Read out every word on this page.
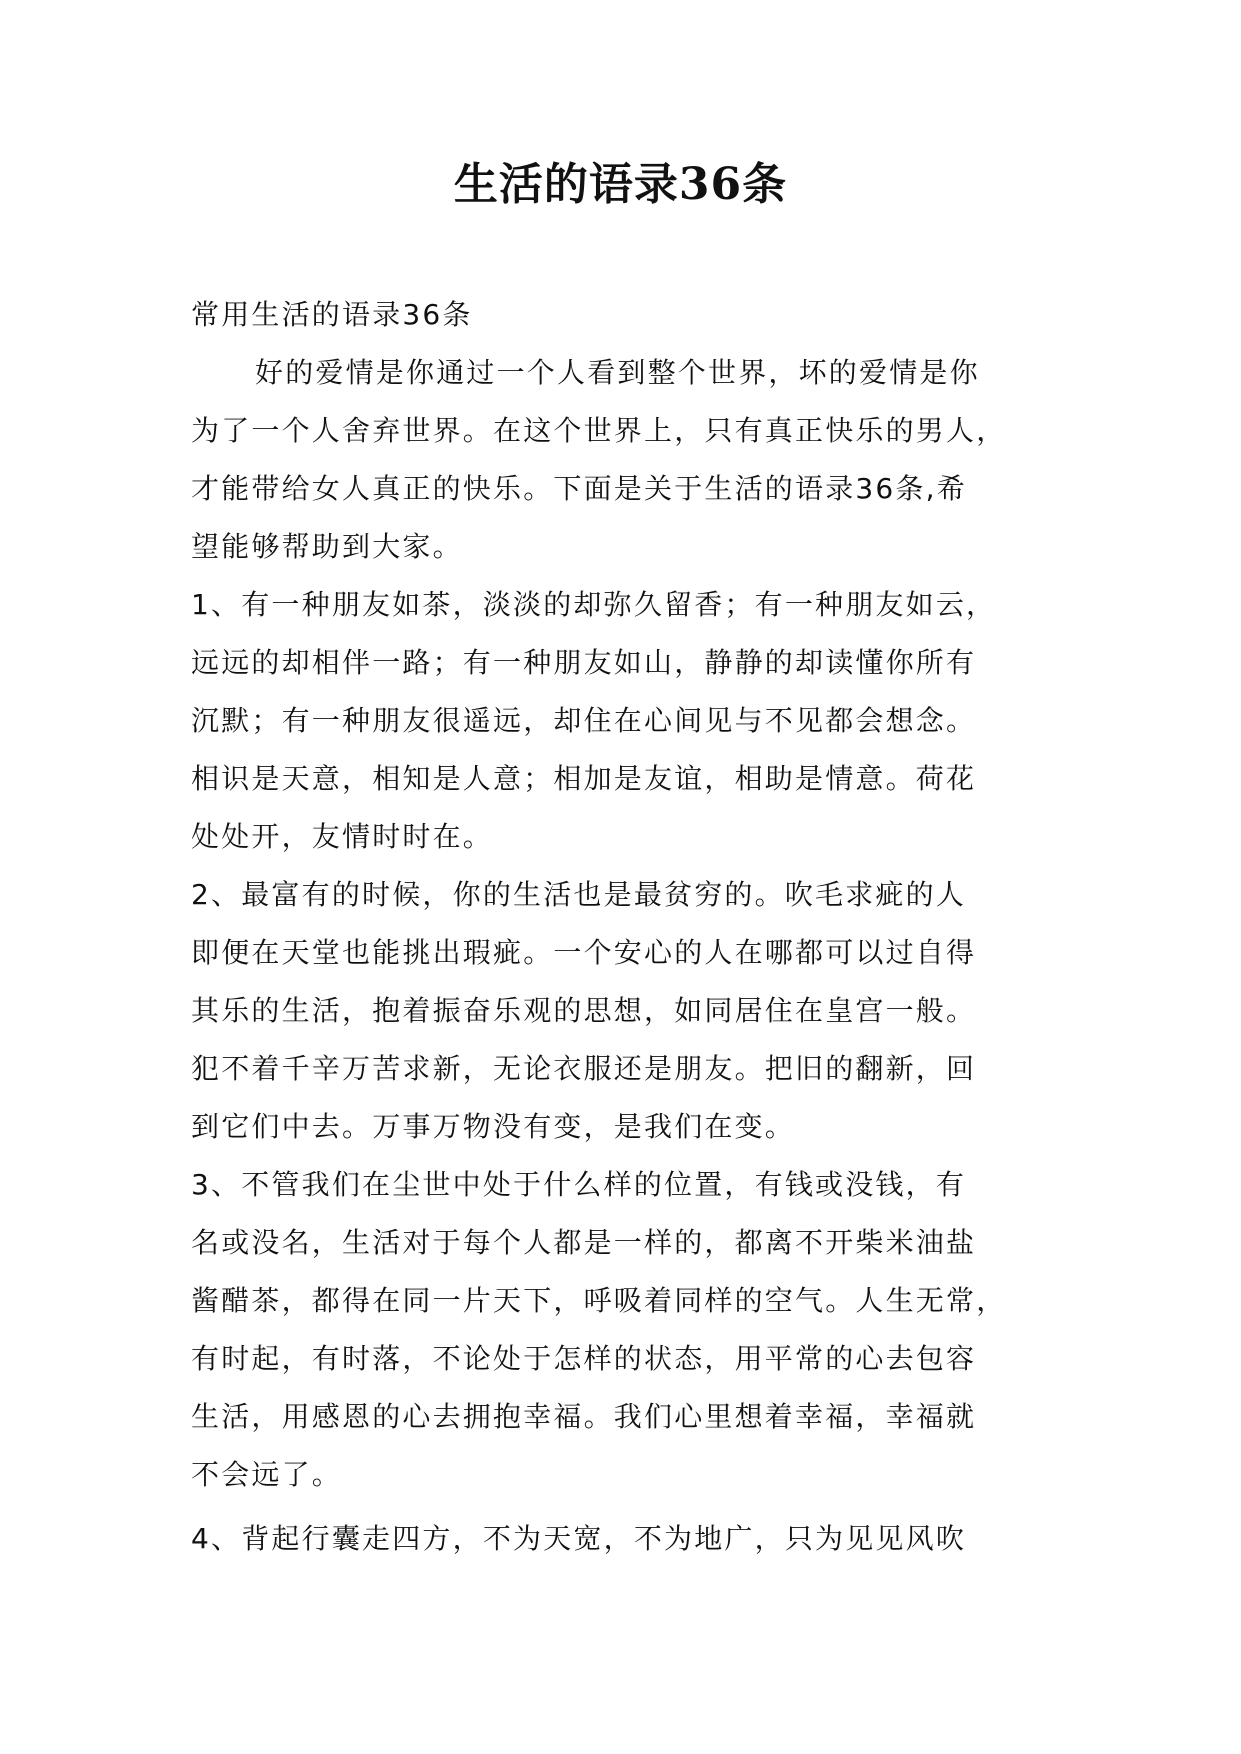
生活的语录36条
常用生活的语录36条
好的爱情是你通过一个人看到整个世界，坏的爱情是你
为了一个人舍弃世界。在这个世界上，只有真正快乐的男人，
才能带给女人真正的快乐。下面是关于生活的语录36条,希
望能够帮助到大家。
1、有一种朋友如茶，淡淡的却弥久留香；有一种朋友如云，
远远的却相伴一路；有一种朋友如山，静静的却读懂你所有
沉默；有一种朋友很遥远，却住在心间见与不见都会想念。
相识是天意，相知是人意；相加是友谊，相助是情意。荷花
处处开，友情时时在。
2、最富有的时候，你的生活也是最贫穷的。吹毛求疵的人
即便在天堂也能挑出瑕疵。一个安心的人在哪都可以过自得
其乐的生活，抱着振奋乐观的思想，如同居住在皇宫一般。
犯不着千辛万苦求新，无论衣服还是朋友。把旧的翻新，回
到它们中去。万事万物没有变，是我们在变。
3、不管我们在尘世中处于什么样的位置，有钱或没钱，有
名或没名，生活对于每个人都是一样的，都离不开柴米油盐
酱醋茶，都得在同一片天下，呼吸着同样的空气。人生无常，
有时起，有时落，不论处于怎样的状态，用平常的心去包容
生活，用感恩的心去拥抱幸福。我们心里想着幸福，幸福就
不会远了。
4、背起行囊走四方，不为天宽，不为地广，只为见见风吹
